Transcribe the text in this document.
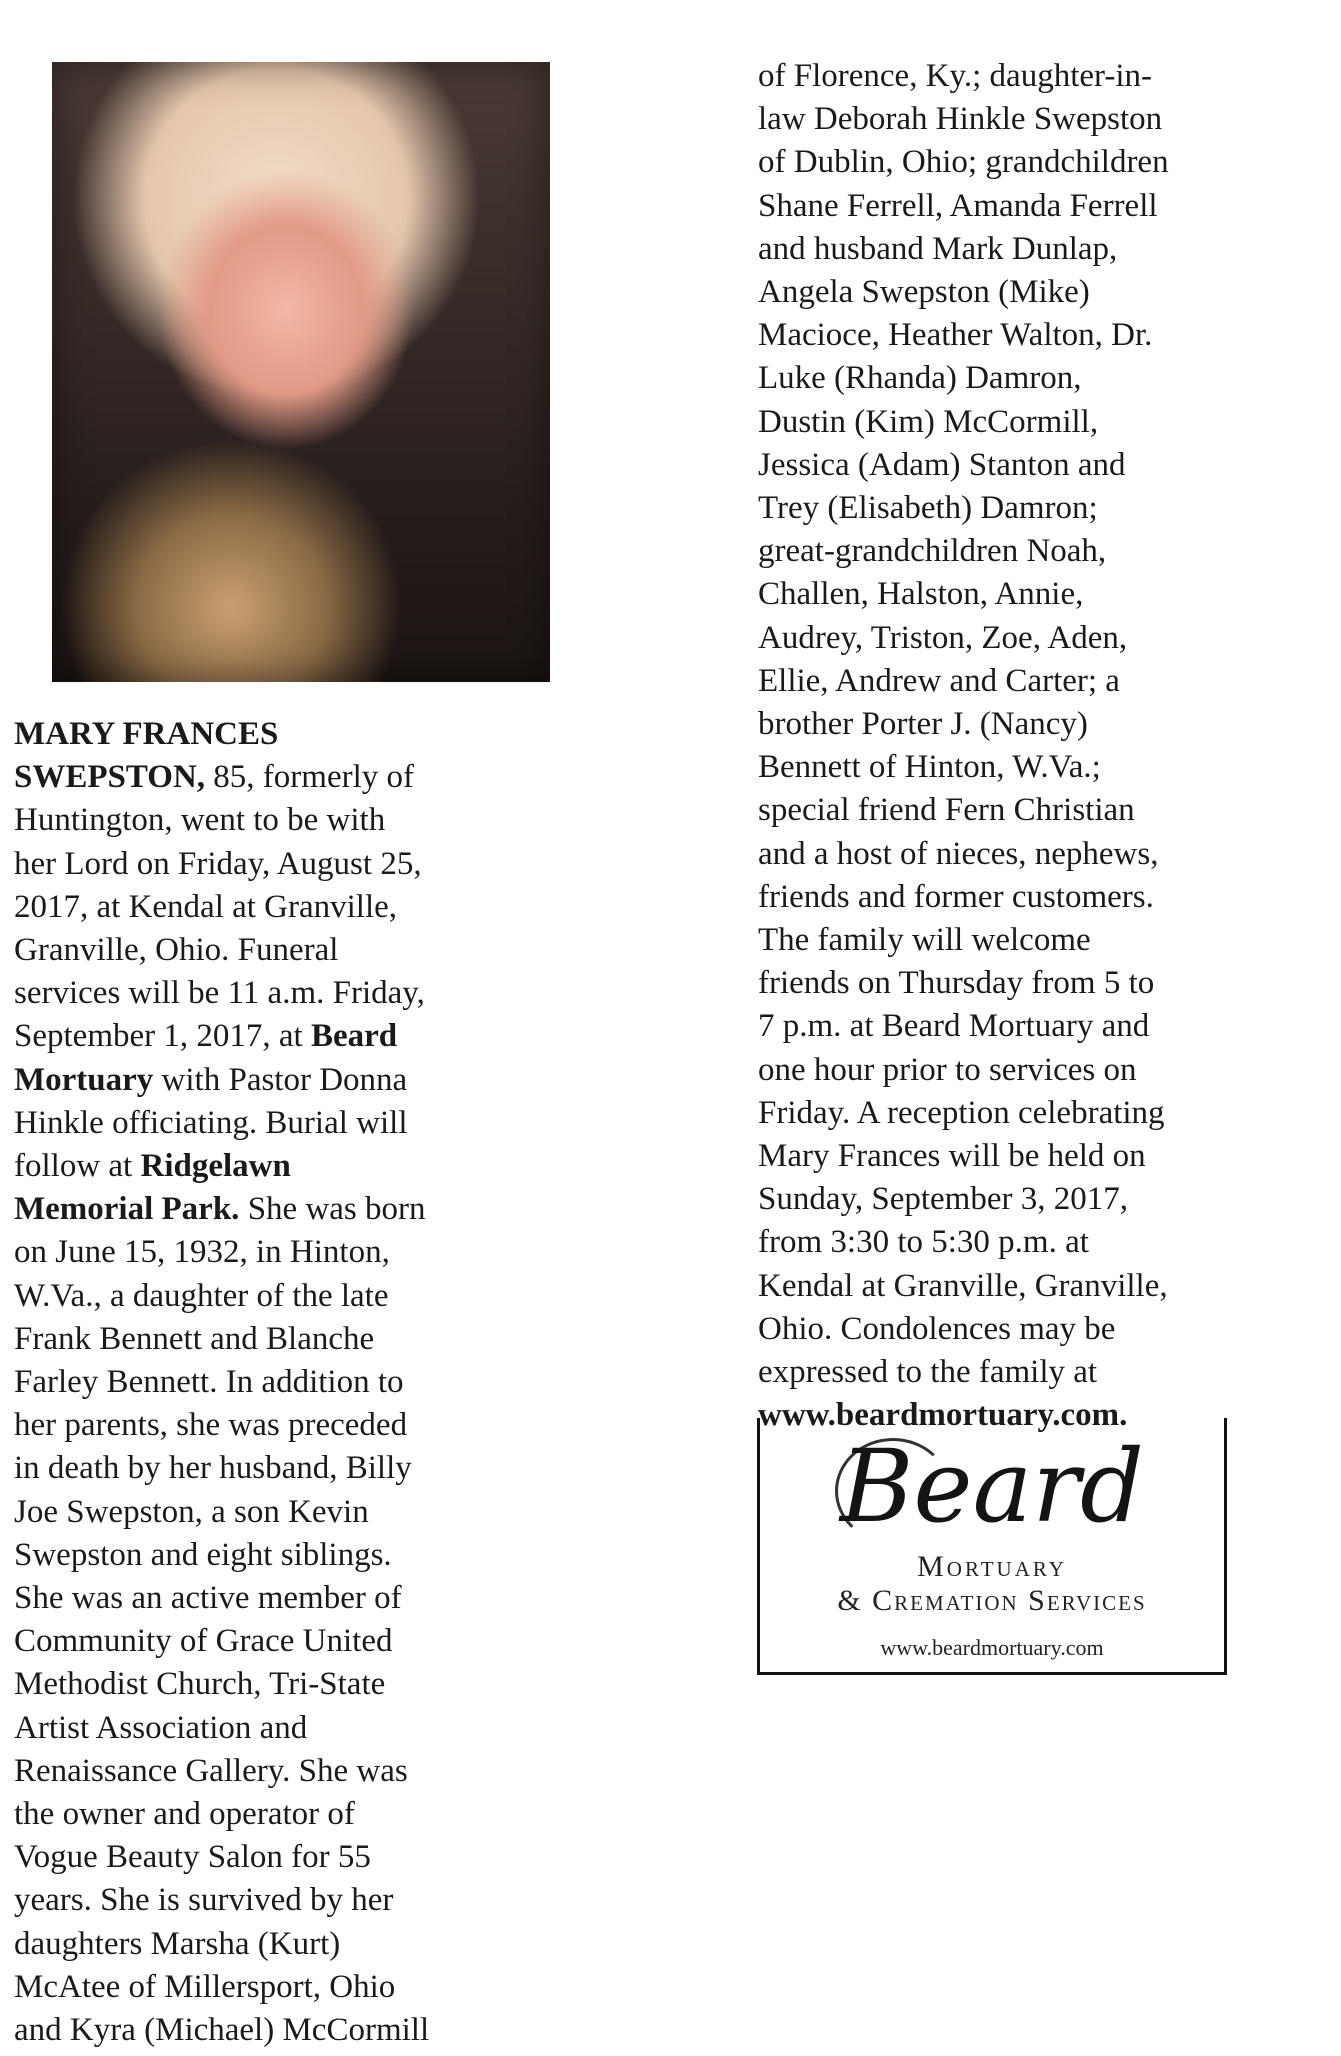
MARY FRANCES
SWEPSTON, 85, formerly of
Huntington, went to be with
her Lord on Friday, August 25,
2017, at Kendal at Granville,
Granville, Ohio. Funeral
services will be 11 a.m. Friday,
September 1, 2017, at Beard
Mortuary with Pastor Donna
Hinkle officiating. Burial will
follow at Ridgelawn
Memorial Park. She was born
on June 15, 1932, in Hinton,
W.Va., a daughter of the late
Frank Bennett and Blanche
Farley Bennett. In addition to
her parents, she was preceded
in death by her husband, Billy
Joe Swepston, a son Kevin
Swepston and eight siblings.
She was an active member of
Community of Grace United
Methodist Church, Tri-State
Artist Association and
Renaissance Gallery. She was
the owner and operator of
Vogue Beauty Salon for 55
years. She is survived by her
daughters Marsha (Kurt)
McAtee of Millersport, Ohio
and Kyra (Michael) McCormill
of Florence, Ky.; daughter-in-
law Deborah Hinkle Swepston
of Dublin, Ohio; grandchildren
Shane Ferrell, Amanda Ferrell
and husband Mark Dunlap,
Angela Swepston (Mike)
Macioce, Heather Walton, Dr.
Luke (Rhanda) Damron,
Dustin (Kim) McCormill,
Jessica (Adam) Stanton and
Trey (Elisabeth) Damron;
great-grandchildren Noah,
Challen, Halston, Annie,
Audrey, Triston, Zoe, Aden,
Ellie, Andrew and Carter; a
brother Porter J. (Nancy)
Bennett of Hinton, W.Va.;
special friend Fern Christian
and a host of nieces, nephews,
friends and former customers.
The family will welcome
friends on Thursday from 5 to
7 p.m. at Beard Mortuary and
one hour prior to services on
Friday. A reception celebrating
Mary Frances will be held on
Sunday, September 3, 2017,
from 3:30 to 5:30 p.m. at
Kendal at Granville, Granville,
Ohio. Condolences may be
expressed to the family at
www.beardmortuary.com.
Beard
Mortuary
& Cremation Services
www.beardmortuary.com
